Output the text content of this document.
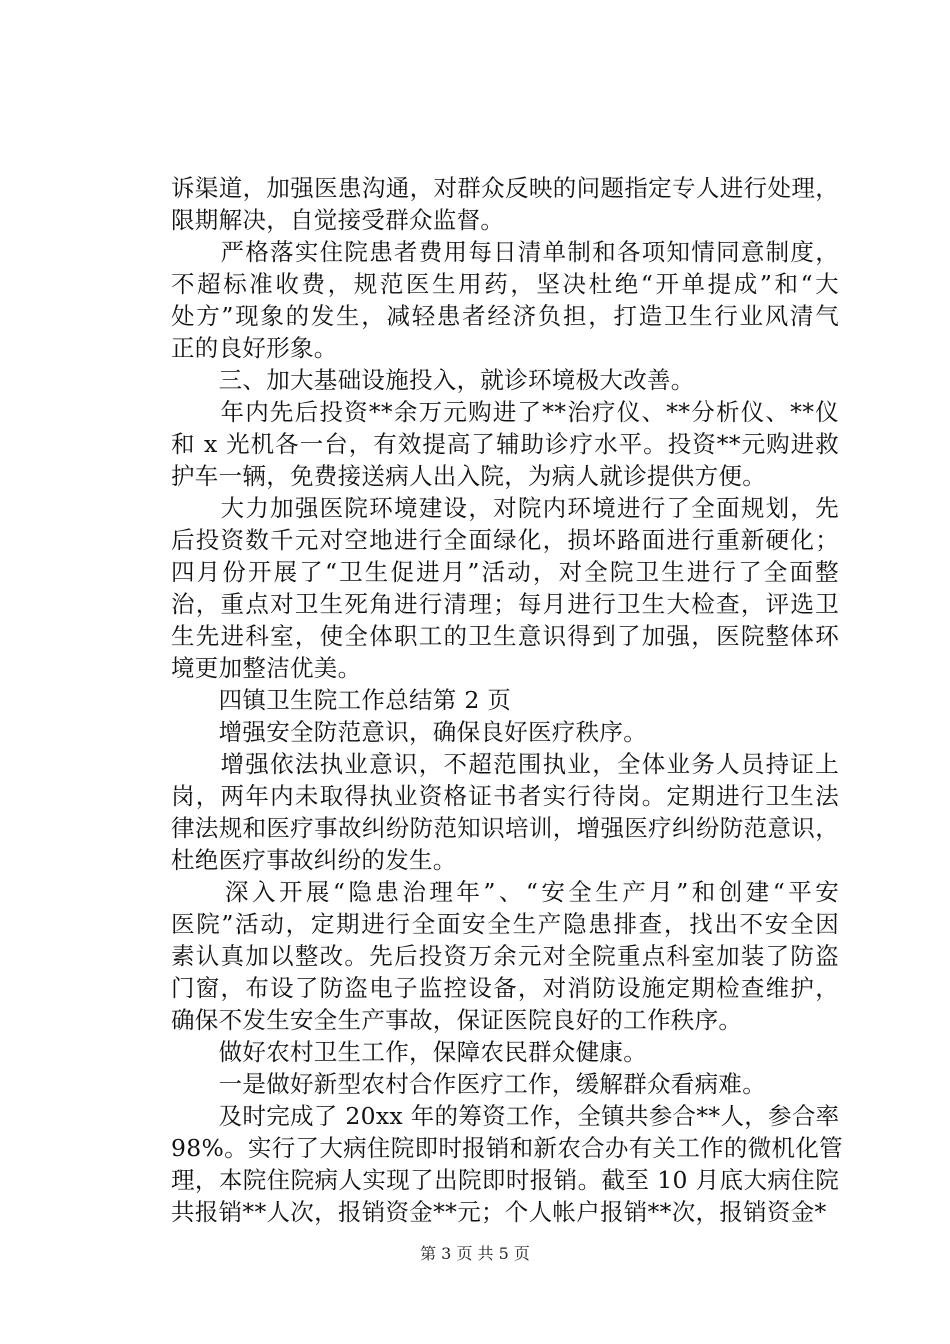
诉渠道，加强医患沟通，对群众反映的问题指定专人进行处理，
限期解决，自觉接受群众监督。
　　严格落实住院患者费用每日清单制和各项知情同意制度，
不超标准收费，规范医生用药，坚决杜绝“开单提成”和“大
处方”现象的发生，减轻患者经济负担，打造卫生行业风清气
正的良好形象。
　　三、加大基础设施投入，就诊环境极大改善。
　　年内先后投资**余万元购进了**治疗仪、**分析仪、**仪
和 x 光机各一台，有效提高了辅助诊疗水平。投资**元购进救
护车一辆，免费接送病人出入院，为病人就诊提供方便。
　　大力加强医院环境建设，对院内环境进行了全面规划，先
后投资数千元对空地进行全面绿化，损坏路面进行重新硬化；
四月份开展了“卫生促进月”活动，对全院卫生进行了全面整
治，重点对卫生死角进行清理；每月进行卫生大检查，评选卫
生先进科室，使全体职工的卫生意识得到了加强，医院整体环
境更加整洁优美。
　　四镇卫生院工作总结第 2 页
　　增强安全防范意识，确保良好医疗秩序。
　　增强依法执业意识，不超范围执业，全体业务人员持证上
岗，两年内未取得执业资格证书者实行待岗。定期进行卫生法
律法规和医疗事故纠纷防范知识培训，增强医疗纠纷防范意识，
杜绝医疗事故纠纷的发生。
　　深入开展“隐患治理年”、“安全生产月”和创建“平安
医院”活动，定期进行全面安全生产隐患排查，找出不安全因
素认真加以整改。先后投资万余元对全院重点科室加装了防盗
门窗，布设了防盗电子监控设备，对消防设施定期检查维护，
确保不发生安全生产事故，保证医院良好的工作秩序。
　　做好农村卫生工作，保障农民群众健康。
　　一是做好新型农村合作医疗工作，缓解群众看病难。
　　及时完成了 20xx 年的筹资工作，全镇共参合**人，参合率
98%。实行了大病住院即时报销和新农合办有关工作的微机化管
第 3 页 共 5 页
理，本院住院病人实现了出院即时报销。截至 10 月底大病住院
共报销**人次，报销资金**元；个人帐户报销**次，报销资金*
